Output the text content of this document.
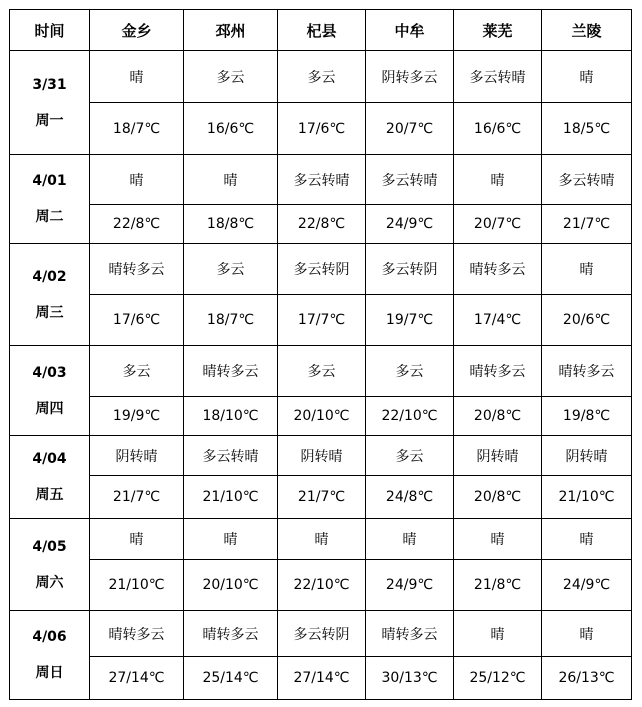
时间	金乡	邳州	杞县	中牟	莱芜	兰陵

3/31
周一	晴	多云	多云	阴转多云	多云转晴	晴
	18/7℃	16/6℃	17/6℃	20/7℃	16/6℃	18/5℃

4/01
周二	晴	晴	多云转晴	多云转晴	晴	多云转晴
	22/8℃	18/8℃	22/8℃	24/9℃	20/7℃	21/7℃

4/02
周三	晴转多云	多云	多云转阴	多云转阴	晴转多云	晴
	17/6℃	18/7℃	17/7℃	19/7℃	17/4℃	20/6℃

4/03
周四	多云	晴转多云	多云	多云	晴转多云	晴转多云
	19/9℃	18/10℃	20/10℃	22/10℃	20/8℃	19/8℃

4/04
周五	阴转晴	多云转晴	阴转晴	多云	阴转晴	阴转晴
	21/7℃	21/10℃	21/7℃	24/8℃	20/8℃	21/10℃

4/05
周六	晴	晴	晴	晴	晴	晴
	21/10℃	20/10℃	22/10℃	24/9℃	21/8℃	24/9℃

4/06
周日	晴转多云	晴转多云	多云转阴	晴转多云	晴	晴
	27/14℃	25/14℃	27/14℃	30/13℃	25/12℃	26/13℃
